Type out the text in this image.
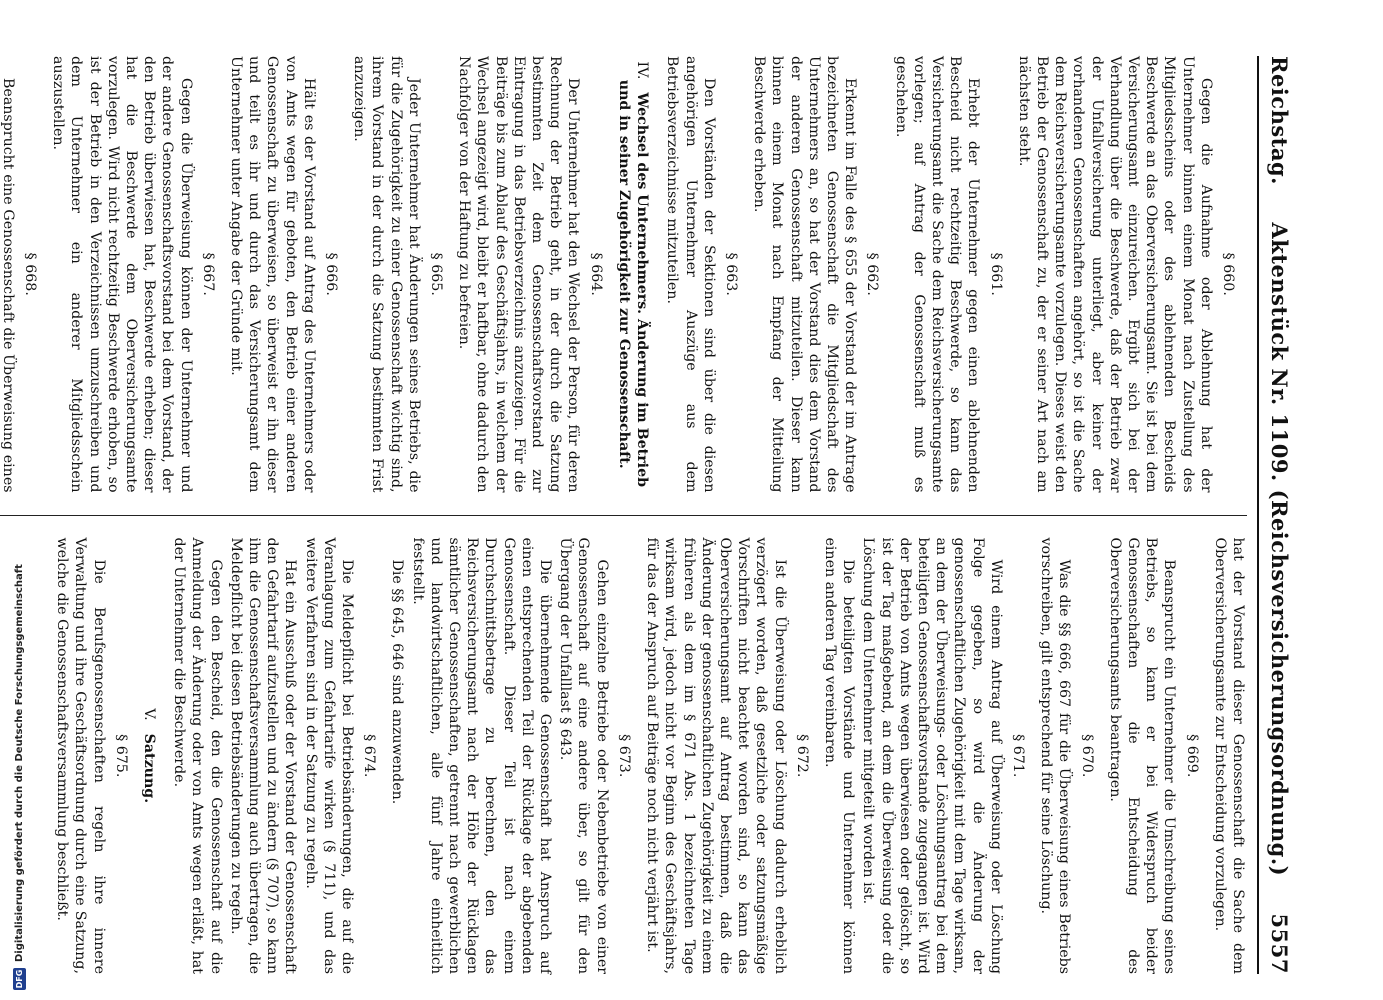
Reichstag.
Aktenstück Nr. 1109. (Reichsversicherungsordnung.)
5557
§ 660.

Gegen die Aufnahme oder Ablehnung hat der Unternehmer binnen einem Monat nach Zustellung des Mitgliedsscheins oder des ablehnenden Bescheids Beschwerde an das Oberversicherungsamt. Sie ist bei dem Versicherungsamt einzureichen. Ergibt sich bei der Verhandlung über die Beschwerde, daß der Betrieb zwar der Unfallversicherung unterliegt, aber keiner der vorhandenen Genossenschaften angehört, so ist die Sache dem Reichsversicherungsamte vorzulegen. Dieses weist den Betrieb der Genossenschaft zu, der er seiner Art nach am nächsten steht.

§ 661.

Erhebt der Unternehmer gegen einen ablehnenden Bescheid nicht rechtzeitig Beschwerde, so kann das Versicherungsamt die Sache dem Reichsversicherungsamte vorlegen; auf Antrag der Genossenschaft muß es geschehen.

§ 662.

Erkennt im Falle des § 655 der Vorstand der im Antrage bezeichneten Genossenschaft die Mitgliedschaft des Unternehmers an, so hat der Vorstand dies dem Vorstand der anderen Genossenschaft mitzuteilen. Dieser kann binnen einem Monat nach Empfang der Mitteilung Beschwerde erheben.

§ 663.

Den Vorständen der Sektionen sind über die diesen angehörigen Unternehmer Auszüge aus dem Betriebsverzeichnisse mitzuteilen.

IV. Wechsel des Unternehmers. Änderung im Betrieb und in seiner Zugehörigkeit zur Genossenschaft.
§ 664.

Der Unternehmer hat den Wechsel der Person, für deren Rechnung der Betrieb geht, in der durch die Satzung bestimmten Zeit dem Genossenschaftsvorstand zur Eintragung in das Betriebsverzeichnis anzuzeigen. Für die Beiträge bis zum Ablauf des Geschäftsjahrs, in welchem der Wechsel angezeigt wird, bleibt er haftbar, ohne dadurch den Nachfolger von der Haftung zu befreien.

§ 665.

Jeder Unternehmer hat Änderungen seines Betriebs, die für die Zugehörigkeit zu einer Genossenschaft wichtig sind, ihrem Vorstand in der durch die Satzung bestimmten Frist anzuzeigen.

§ 666.

Hält es der Vorstand auf Antrag des Unternehmers oder von Amts wegen für geboten, den Betrieb einer anderen Genossenschaft zu überweisen, so überweist er ihn dieser und teilt es ihr und durch das Versicherungsamt dem Unternehmer unter Angabe der Gründe mit.

§ 667.

Gegen die Überweisung können der Unternehmer und der andere Genossenschaftsvorstand bei dem Vorstand, der den Betrieb überwiesen hat, Beschwerde erheben; dieser hat die Beschwerde dem Oberversicherungsamte vorzulegen. Wird nicht rechtzeitig Beschwerde erhoben, so ist der Betrieb in den Verzeichnissen umzuschreiben und dem Unternehmer ein anderer Mitgliedsschein auszustellen.

§ 668.

Beansprucht eine Genossenschaft die Überweisung eines

hat der Vorstand dieser Genossenschaft die Sache dem Oberversicherungsamte zur Entscheidung vorzulegen.

§ 669.

Beansprucht ein Unternehmer die Umschreibung seines Betriebs, so kann er bei Widerspruch beider Genossenschaften die Entscheidung des Oberversicherungsamts beantragen.

§ 670.

Was die §§ 666, 667 für die Überweisung eines Betriebs vorschreiben, gilt entsprechend für seine Löschung.

§ 671.

Wird einem Antrag auf Überweisung oder Löschung Folge gegeben, so wird die Änderung der genossenschaftlichen Zugehörigkeit mit dem Tage wirksam, an dem der Überweisungs- oder Löschungsantrag bei dem beteiligten Genossenschaftsvorstande zugegangen ist. Wird der Betrieb von Amts wegen überwiesen oder gelöscht, so ist der Tag maßgebend, an dem die Überweisung oder die Löschung dem Unternehmer mitgeteilt worden ist.

Die beteiligten Vorstände und Unternehmer können einen anderen Tag vereinbaren.

§ 672.

Ist die Überweisung oder Löschung dadurch erheblich verzögert worden, daß gesetzliche oder satzungsmäßige Vorschriften nicht beachtet worden sind, so kann das Oberversicherungsamt auf Antrag bestimmen, daß die Änderung der genossenschaftlichen Zugehörigkeit zu einem früheren als dem im § 671 Abs. 1 bezeichneten Tage wirksam wird, jedoch nicht vor Beginn des Geschäftsjahrs, für das der Anspruch auf Beiträge noch nicht verjährt ist.

§ 673.

Gehen einzelne Betriebe oder Nebenbetriebe von einer Genossenschaft auf eine andere über, so gilt für den Übergang der Unfalllast § 643.

Die übernehmende Genossenschaft hat Anspruch auf einen entsprechenden Teil der Rücklage der abgebenden Genossenschaft. Dieser Teil ist nach einem Durchschnittsbetrage zu berechnen, den das Reichsversicherungsamt nach der Höhe der Rücklagen sämtlicher Genossenschaften, getrennt nach gewerblichen und landwirtschaftlichen, alle fünf Jahre einheitlich feststellt.

Die §§ 645, 646 sind anzuwenden.

§ 674.

Die Meldepflicht bei Betriebsänderungen, die auf die Veranlagung zum Gefahrtarife wirken (§ 711), und das weitere Verfahren sind in der Satzung zu regeln.

Hat ein Ausschuß oder der Vorstand der Genossenschaft den Gefahrtarif aufzustellen und zu ändern (§ 707), so kann ihm die Genossenschaftsversammlung auch übertragen, die Meldepflicht bei diesen Betriebsänderungen zu regeln.

Gegen den Bescheid, den die Genossenschaft auf die Anmeldung der Änderung oder von Amts wegen erläßt, hat der Unternehmer die Beschwerde.

V. Satzung.
§ 675.

Die Berufsgenossenschaften regeln ihre innere Verwaltung und ihre Geschäftsordnung durch eine Satzung, welche die Genossenschaftsversammlung beschließt.

DFG
Digitalisierung gefördert durch die Deutsche Forschungsgemeinschaft
